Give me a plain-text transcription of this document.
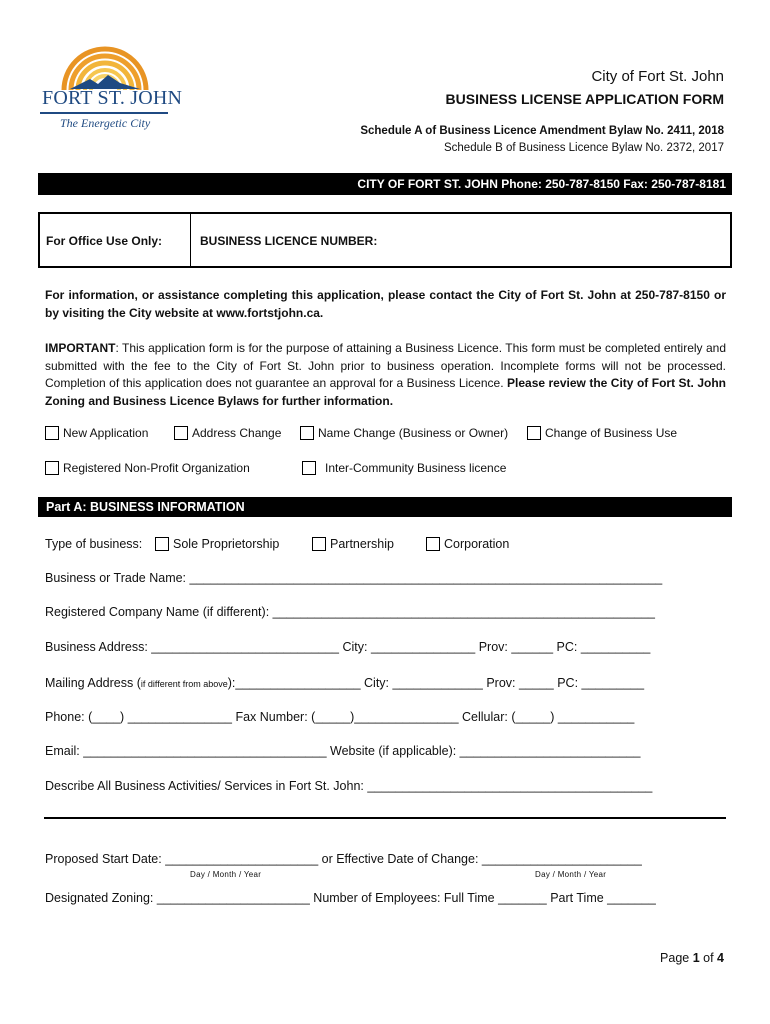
FORT ST. JOHN
The Energetic City
City of Fort St. John
BUSINESS LICENSE APPLICATION FORM
Schedule A of Business Licence Amendment Bylaw No. 2411, 2018
Schedule B of Business Licence Bylaw No. 2372, 2017
CITY OF FORT ST. JOHN Phone: 250-787-8150 Fax: 250-787-8181
For Office Use Only:	BUSINESS LICENCE NUMBER:
For information, or assistance completing this application, please contact the City of Fort St. John at 250-787-8150 or by visiting the City website at www.fortstjohn.ca.
IMPORTANT: This application form is for the purpose of attaining a Business Licence. This form must be completed entirely and submitted with the fee to the City of Fort St. John prior to business operation. Incomplete forms will not be processed. Completion of this application does not guarantee an approval for a Business Licence. Please review the City of Fort St. John Zoning and Business Licence Bylaws for further information.
New Application	Address Change	Name Change (Business or Owner)	Change of Business Use
Registered Non-Profit Organization	Inter-Community Business licence
Part A: BUSINESS INFORMATION
Type of business:	Sole Proprietorship	Partnership	Corporation
Business or Trade Name: ____________________________________________________________________
Registered Company Name (if different): _______________________________________________________
Business Address: ___________________________ City: _______________ Prov: ______ PC: __________
Mailing Address (if different from above):__________________ City: _____________ Prov: _____ PC: _________
Phone: (____) _______________ Fax Number: (_____)_______________ Cellular: (_____) ___________
Email: ___________________________________ Website (if applicable): __________________________
Describe All Business Activities/ Services in Fort St. John: _________________________________________
Proposed Start Date: ______________________ or Effective Date of Change: _______________________
Day / Month / Year	Day / Month / Year
Designated Zoning: ______________________ Number of Employees: Full Time _______ Part Time _______
Page 1 of 4
